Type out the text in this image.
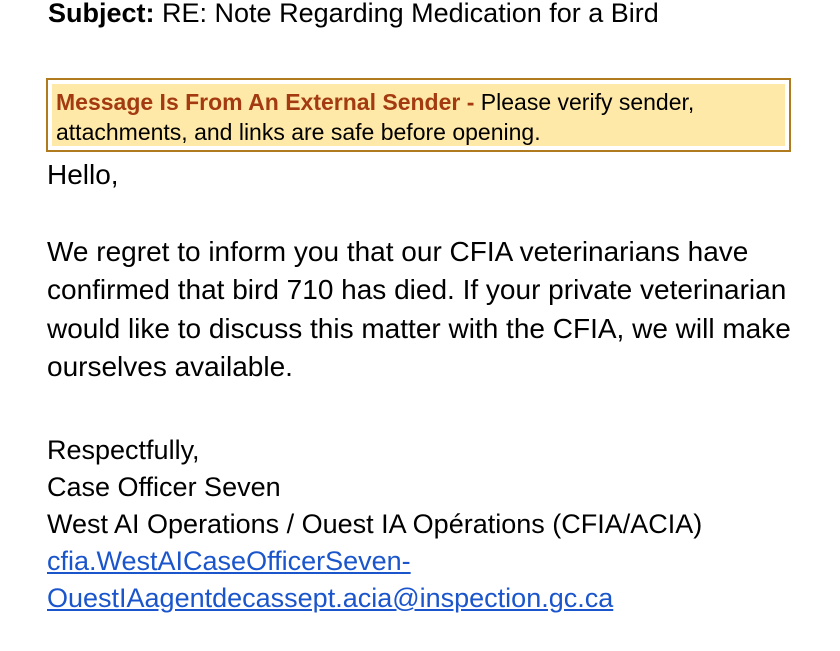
Subject: RE: Note Regarding Medication for a Bird
Message Is From An External Sender - Please verify sender, attachments, and links are safe before opening.

Hello,

We regret to inform you that our CFIA veterinarians have confirmed that bird 710 has died. If your private veterinarian would like to discuss this matter with the CFIA, we will make ourselves available.

Respectfully,
Case Officer Seven
West AI Operations / Ouest IA Opérations (CFIA/ACIA)
cfia.WestAICaseOfficerSeven-
OuestIAagentdecassept.acia@inspection.gc.ca
